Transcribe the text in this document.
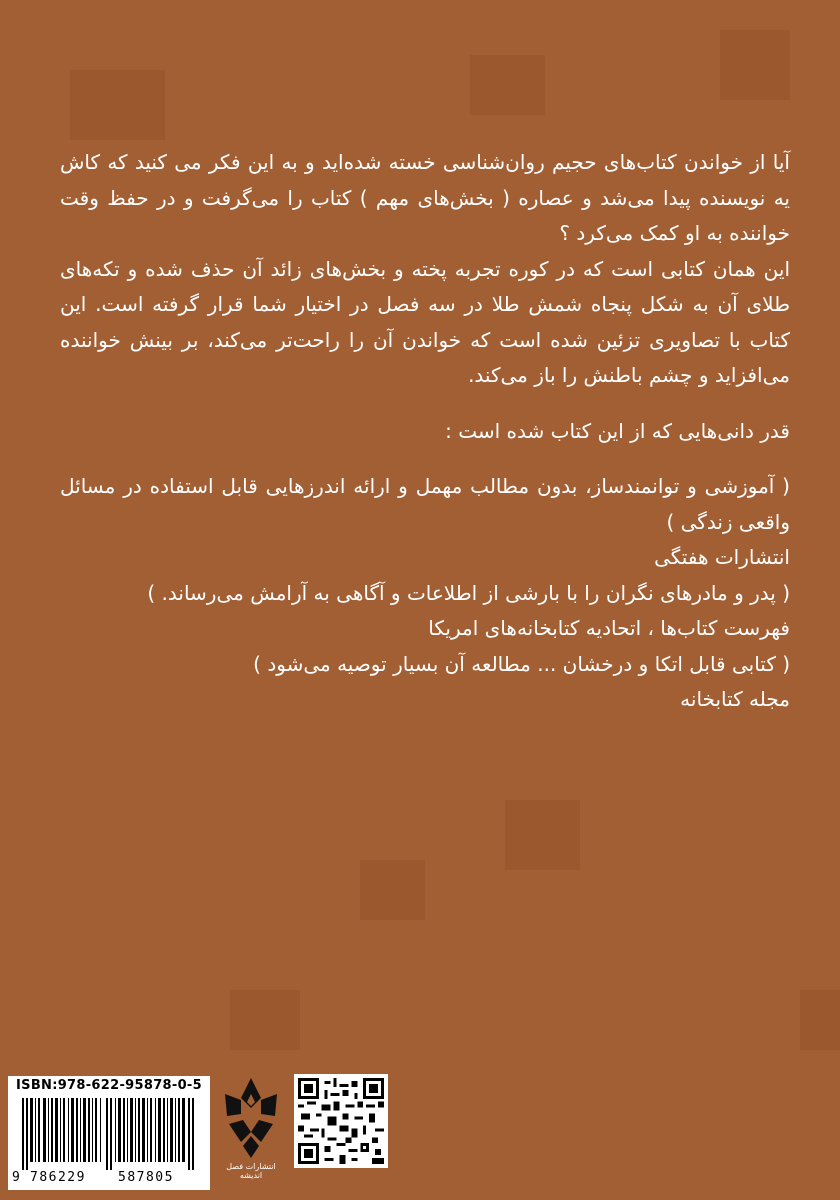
آیا از خواندن کتاب‌های حجیم روان‌شناسی خسته شده‌اید و به این فکر می کنید که کاش یه نویسنده پیدا می‌شد و عصاره ( بخش‌های مهم ) کتاب را می‌گرفت و در حفظ وقت خواننده به او کمک می‌کرد ؟

این همان کتابی است که در کوره تجربه پخته و بخش‌های زائد آن حذف شده و تکه‌های طلای آن به شکل پنجاه شمش طلا در سه فصل در اختیار شما قرار گرفته است. این کتاب با تصاویری تزئین شده است که خواندن آن را راحت‌تر می‌کند، بر بینش خواننده می‌افزاید و چشم باطنش را باز می‌کند.

قدر دانی‌هایی که از این کتاب شده است :

( آموزشی و توانمندساز، بدون مطالب مهمل و ارائه اندرزهایی قابل استفاده در مسائل واقعی زندگی )

انتشارات هفتگی

( پدر و مادرهای نگران را با بارشی از اطلاعات و آگاهی به آرامش می‌رساند. )

فهرست کتاب‌ها ، اتحادیه کتابخانه‌های امریکا

( کتابی قابل اتکا و درخشان ... مطالعه آن بسیار توصیه می‌شود )

مجله کتابخانه

ISBN:978-622-95878-0-5
9 786229 587805
انتشارات فصل اندیشه
